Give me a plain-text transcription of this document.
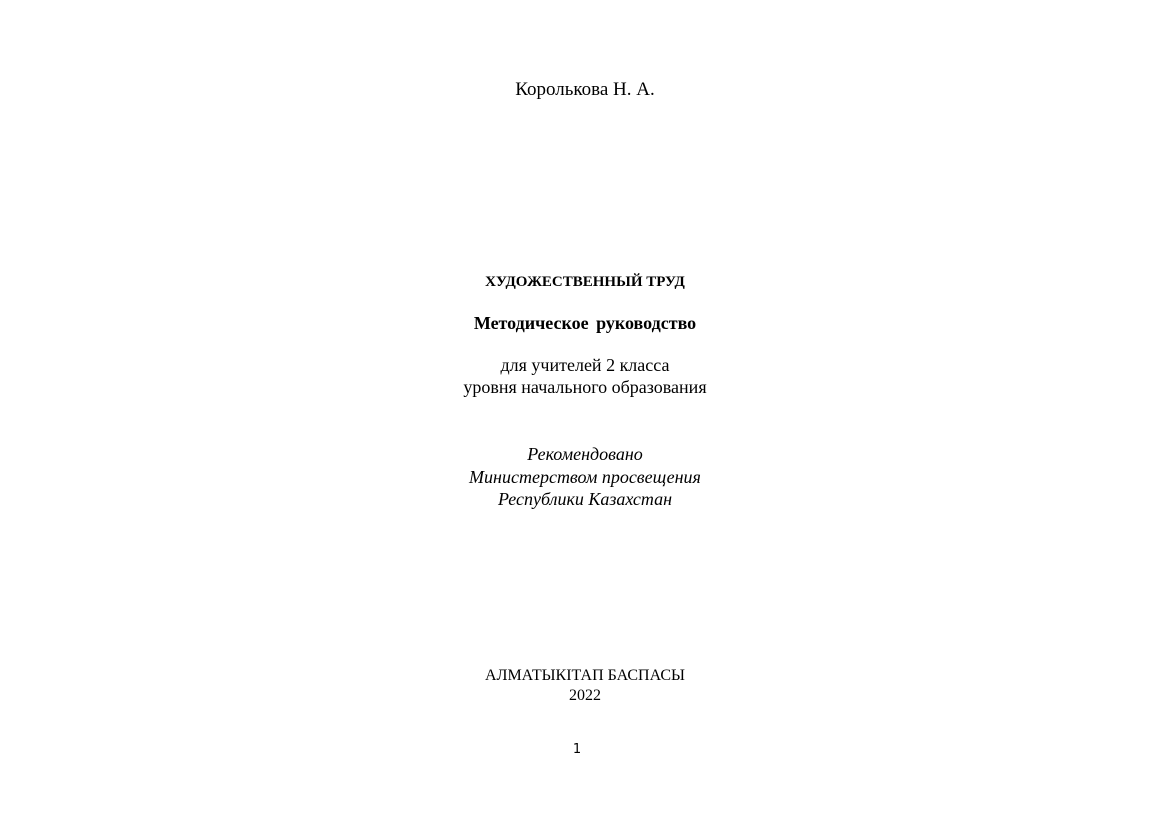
Королькова Н. А.
ХУДОЖЕСТВЕННЫЙ ТРУД
Методическое руководство
для учителей 2 класса
уровня начального образования
Рекомендовано
Министерством просвещения
Республики Казахстан
АЛМАТЫКІТАП БАСПАСЫ
2022
1
